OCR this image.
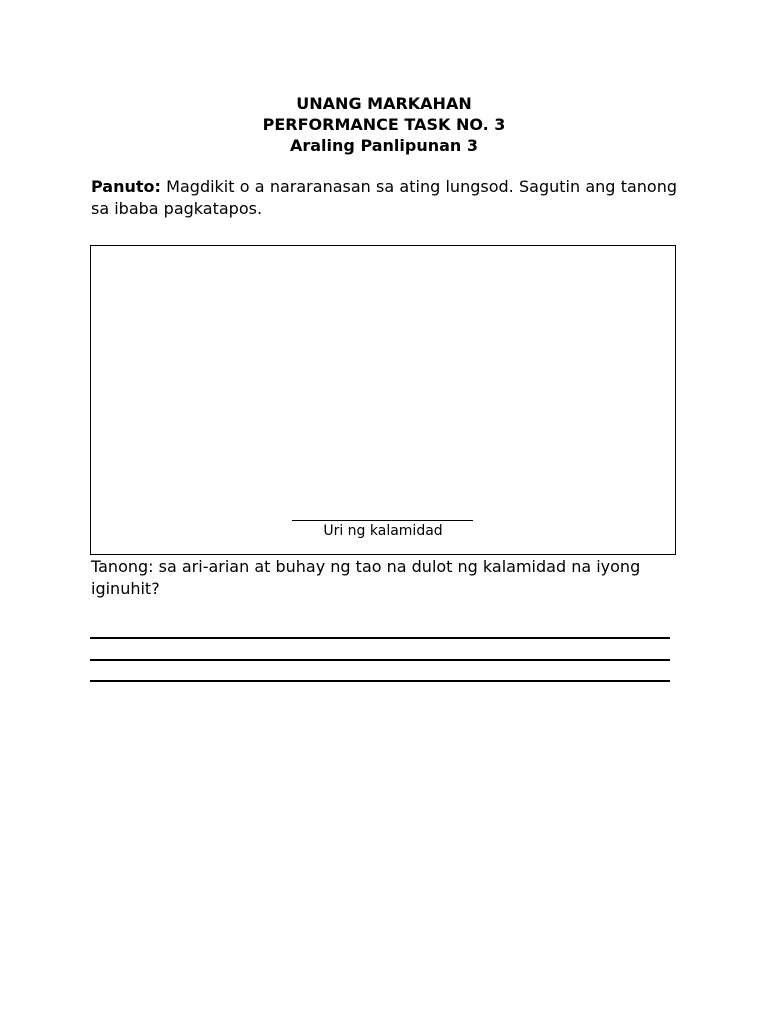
UNANG MARKAHAN
PERFORMANCE TASK NO. 3
Araling Panlipunan 3
Panuto: Magdikit o a nararanasan sa ating lungsod. Sagutin ang tanong sa ibaba pagkatapos.
Uri ng kalamidad
Tanong: sa ari-arian at buhay ng tao na dulot ng kalamidad na iyong iginuhit?
